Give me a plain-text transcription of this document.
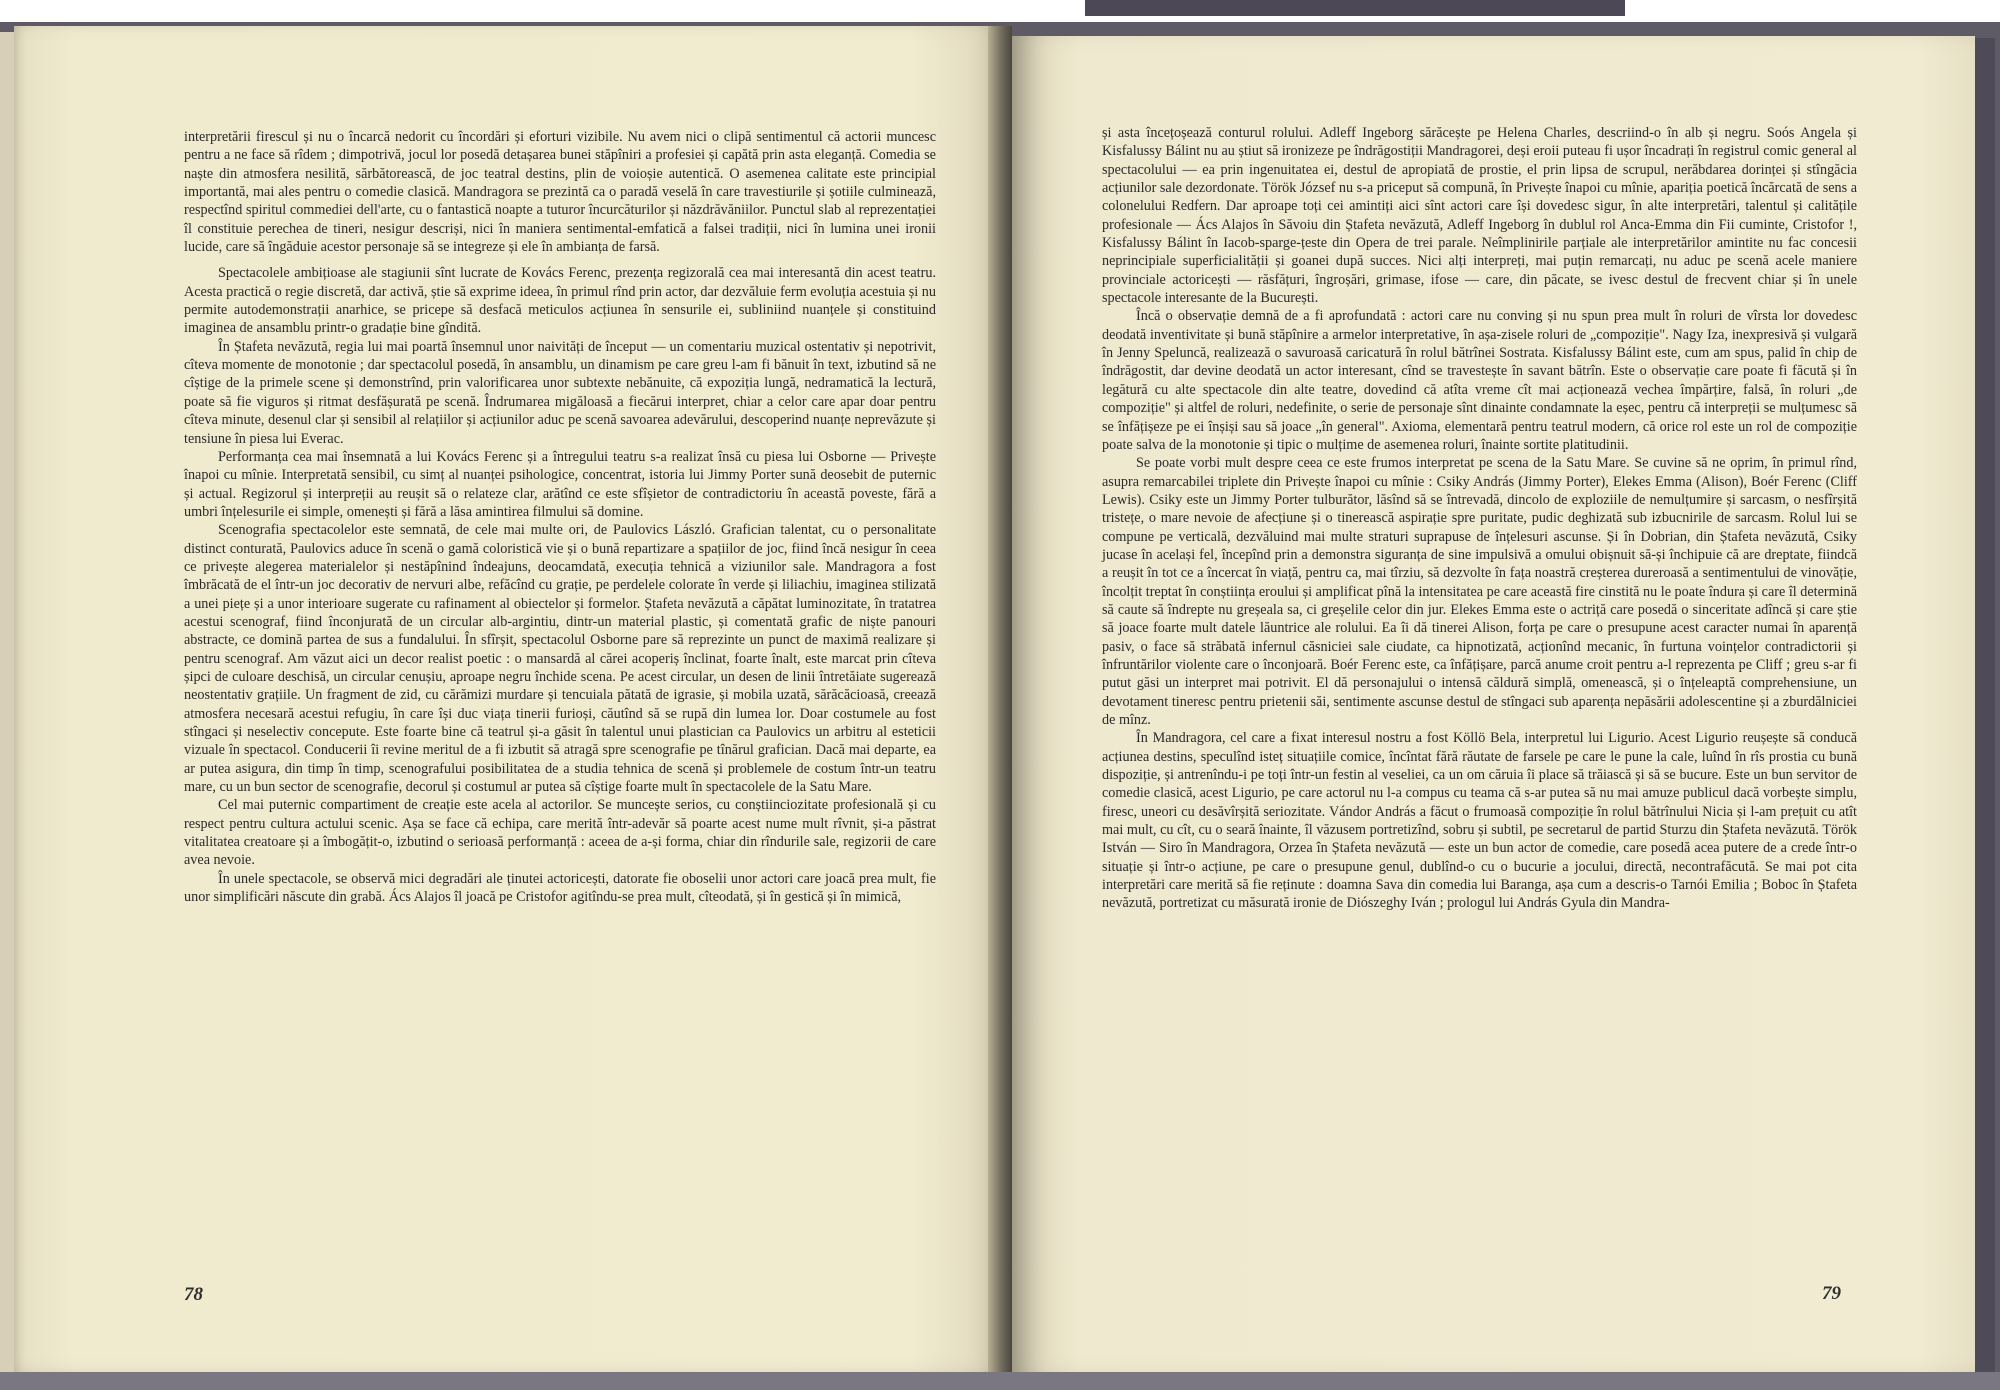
interpretării firescul și nu o încarcă nedorit cu încordări și eforturi vizibile. Nu avem nici o clipă sentimentul că actorii muncesc pentru a ne face să rîdem ; dimpotrivă, jocul lor posedă detașarea bunei stăpîniri a profesiei și capătă prin asta eleganță. Comedia se naște din atmosfera nesilită, sărbătorească, de joc teatral destins, plin de voioșie autentică. O asemenea calitate este principial importantă, mai ales pentru o comedie clasică. Mandragora se prezintă ca o paradă veselă în care travestiurile și șotiile culminează, respectînd spiritul commediei dell'arte, cu o fantastică noapte a tuturor încurcăturilor și năzdrăvăniilor. Punctul slab al reprezentației îl constituie perechea de tineri, nesigur descriși, nici în maniera sentimental-emfatică a falsei tradiții, nici în lumina unei ironii lucide, care să îngăduie acestor personaje să se integreze și ele în ambianța de farsă.

Spectacolele ambițioase ale stagiunii sînt lucrate de Kovács Ferenc, prezența regizorală cea mai interesantă din acest teatru. Acesta practică o regie discretă, dar activă, știe să exprime ideea, în primul rînd prin actor, dar dezvăluie ferm evoluția acestuia și nu permite autodemonstrații anarhice, se pricepe să desfacă meticulos acțiunea în sensurile ei, subliniind nuanțele și constituind imaginea de ansamblu printr-o gradație bine gîndită.

În Ștafeta nevăzută, regia lui mai poartă însemnul unor naivități de început — un comentariu muzical ostentativ și nepotrivit, cîteva momente de monotonie ; dar spectacolul posedă, în ansamblu, un dinamism pe care greu l-am fi bănuit în text, izbutind să ne cîștige de la primele scene și demonstrînd, prin valorificarea unor subtexte nebănuite, că expoziția lungă, nedramatică la lectură, poate să fie viguros și ritmat desfășurată pe scenă. Îndrumarea migăloasă a fiecărui interpret, chiar a celor care apar doar pentru cîteva minute, desenul clar și sensibil al relațiilor și acțiunilor aduc pe scenă savoarea adevărului, descoperind nuanțe neprevăzute și tensiune în piesa lui Everac.

Performanța cea mai însemnată a lui Kovács Ferenc și a întregului teatru s-a realizat însă cu piesa lui Osborne — Privește înapoi cu mînie. Interpretată sensibil, cu simț al nuanței psihologice, concentrat, istoria lui Jimmy Porter sună deosebit de puternic și actual. Regizorul și interpreții au reușit să o relateze clar, arătînd ce este sfîșietor de contradictoriu în această poveste, fără a umbri înțelesurile ei simple, omenești și fără a lăsa amintirea filmului să domine.

Scenografia spectacolelor este semnată, de cele mai multe ori, de Paulovics László. Grafician talentat, cu o personalitate distinct conturată, Paulovics aduce în scenă o gamă coloristică vie și o bună repartizare a spațiilor de joc, fiind încă nesigur în ceea ce privește alegerea materialelor și nestăpînind îndeajuns, deocamdată, execuția tehnică a viziunilor sale. Mandragora a fost îmbrăcată de el într-un joc decorativ de nervuri albe, refăcînd cu grație, pe perdelele colorate în verde și liliachiu, imaginea stilizată a unei piețe și a unor interioare sugerate cu rafinament al obiectelor și formelor. Ștafeta nevăzută a căpătat luminozitate, în tratatrea acestui scenograf, fiind înconjurată de un circular alb-argintiu, dintr-un material plastic, și comentată grafic de niște panouri abstracte, ce domină partea de sus a fundalului. În sfîrșit, spectacolul Osborne pare să reprezinte un punct de maximă realizare și pentru scenograf. Am văzut aici un decor realist poetic : o mansardă al cărei acoperiș înclinat, foarte înalt, este marcat prin cîteva șipci de culoare deschisă, un circular cenușiu, aproape negru închide scena. Pe acest circular, un desen de linii întretăiate sugerează neostentativ grațiile. Un fragment de zid, cu cărămizi murdare și tencuiala pătată de igrasie, și mobila uzată, sărăcăcioasă, creează atmosfera necesară acestui refugiu, în care își duc viața tinerii furioși, căutînd să se rupă din lumea lor. Doar costumele au fost stîngaci și neselectiv concepute. Este foarte bine că teatrul și-a găsit în talentul unui plastician ca Paulovics un arbitru al esteticii vizuale în spectacol. Conducerii îi revine meritul de a fi izbutit să atragă spre scenografie pe tînărul grafician. Dacă mai departe, ea ar putea asigura, din timp în timp, scenografului posibilitatea de a studia tehnica de scenă și problemele de costum într-un teatru mare, cu un bun sector de scenografie, decorul și costumul ar putea să cîștige foarte mult în spectacolele de la Satu Mare.

Cel mai puternic compartiment de creație este acela al actorilor. Se muncește serios, cu conștiinciozitate profesională și cu respect pentru cultura actului scenic. Așa se face că echipa, care merită într-adevăr să poarte acest nume mult rîvnit, și-a păstrat vitalitatea creatoare și a îmbogățit-o, izbutind o serioasă performanță : aceea de a-și forma, chiar din rîndurile sale, regizorii de care avea nevoie.

În unele spectacole, se observă mici degradări ale ținutei actoricești, datorate fie oboselii unor actori care joacă prea mult, fie unor simplificări născute din grabă. Ács Alajos îl joacă pe Cristofor agitîndu-se prea mult, cîteodată, și în gestică și în mimică,

78

și asta încețoșează conturul rolului. Adleff Ingeborg sărăcește pe Helena Charles, descriind-o în alb și negru. Soós Angela și Kisfalussy Bálint nu au știut să ironizeze pe îndrăgostiții Mandragorei, deși eroii puteau fi ușor încadrați în registrul comic general al spectacolului — ea prin ingenuitatea ei, destul de apropiată de prostie, el prin lipsa de scrupul, nerăbdarea dorinței și stîngăcia acțiunilor sale dezordonate. Török József nu s-a priceput să compună, în Privește înapoi cu mînie, apariția poetică încărcată de sens a colonelului Redfern. Dar aproape toți cei amintiți aici sînt actori care își dovedesc sigur, în alte interpretări, talentul și calitățile profesionale — Ács Alajos în Săvoiu din Ștafeta nevăzută, Adleff Ingeborg în dublul rol Anca-Emma din Fii cuminte, Cristofor !, Kisfalussy Bálint în Iacob-sparge-țeste din Opera de trei parale. Neîmplinirile parțiale ale interpretărilor amintite nu fac concesii neprincipiale superficialității și goanei după succes. Nici alți interpreți, mai puțin remarcați, nu aduc pe scenă acele maniere provinciale actoricești — răsfățuri, îngroșări, grimase, ifose — care, din păcate, se ivesc destul de frecvent chiar și în unele spectacole interesante de la București.

Încă o observație demnă de a fi aprofundată : actori care nu conving și nu spun prea mult în roluri de vîrsta lor dovedesc deodată inventivitate și bună stăpînire a armelor interpretative, în așa-zisele roluri de „compoziție". Nagy Iza, inexpresivă și vulgară în Jenny Speluncă, realizează o savuroasă caricatură în rolul bătrînei Sostrata. Kisfalussy Bálint este, cum am spus, palid în chip de îndrăgostit, dar devine deodată un actor interesant, cînd se travestește în savant bătrîn. Este o observație care poate fi făcută și în legătură cu alte spectacole din alte teatre, dovedind că atîta vreme cît mai acționează vechea împărțire, falsă, în roluri „de compoziție" și altfel de roluri, nedefinite, o serie de personaje sînt dinainte condamnate la eșec, pentru că interpreții se mulțumesc să se înfățișeze pe ei înșiși sau să joace „în general". Axioma, elementară pentru teatrul modern, că orice rol este un rol de compoziție poate salva de la monotonie și tipic o mulțime de asemenea roluri, înainte sortite platitudinii.

Se poate vorbi mult despre ceea ce este frumos interpretat pe scena de la Satu Mare. Se cuvine să ne oprim, în primul rînd, asupra remarcabilei triplete din Privește înapoi cu mînie : Csiky András (Jimmy Porter), Elekes Emma (Alison), Boér Ferenc (Cliff Lewis). Csiky este un Jimmy Porter tulburător, lăsînd să se întrevadă, dincolo de exploziile de nemulțumire și sarcasm, o nesfîrșită tristețe, o mare nevoie de afecțiune și o tinerească aspirație spre puritate, pudic deghizată sub izbucnirile de sarcasm. Rolul lui se compune pe verticală, dezvăluind mai multe straturi suprapuse de înțelesuri ascunse. Și în Dobrian, din Ștafeta nevăzută, Csiky jucase în același fel, începînd prin a demonstra siguranța de sine impulsivă a omului obișnuit să-și închipuie că are dreptate, fiindcă a reușit în tot ce a încercat în viață, pentru ca, mai tîrziu, să dezvolte în fața noastră creșterea dureroasă a sentimentului de vinovăție, încolțit treptat în conștiința eroului și amplificat pînă la intensitatea pe care această fire cinstită nu le poate îndura și care îl determină să caute să îndrepte nu greșeala sa, ci greșelile celor din jur. Elekes Emma este o actriță care posedă o sinceritate adîncă și care știe să joace foarte mult datele lăuntrice ale rolului. Ea îi dă tinerei Alison, forța pe care o presupune acest caracter numai în aparență pasiv, o face să străbată infernul căsniciei sale ciudate, ca hipnotizată, acționînd mecanic, în furtuna voințelor contradictorii și înfruntărilor violente care o înconjoară. Boér Ferenc este, ca înfățișare, parcă anume croit pentru a-l reprezenta pe Cliff ; greu s-ar fi putut găsi un interpret mai potrivit. El dă personajului o intensă căldură simplă, omenească, și o înțeleaptă comprehensiune, un devotament tineresc pentru prietenii săi, sentimente ascunse destul de stîngaci sub aparența nepăsării adolescentine și a zburdălniciei de mînz.

În Mandragora, cel care a fixat interesul nostru a fost Köllö Bela, interpretul lui Ligurio. Acest Ligurio reușește să conducă acțiunea destins, speculînd isteț situațiile comice, încîntat fără răutate de farsele pe care le pune la cale, luînd în rîs prostia cu bună dispoziție, și antrenîndu-i pe toți într-un festin al veseliei, ca un om căruia îi place să trăiască și să se bucure. Este un bun servitor de comedie clasică, acest Ligurio, pe care actorul nu l-a compus cu teama că s-ar putea să nu mai amuze publicul dacă vorbește simplu, firesc, uneori cu desăvîrșită seriozitate. Vándor András a făcut o frumoasă compoziție în rolul bătrînului Nicia și l-am prețuit cu atît mai mult, cu cît, cu o seară înainte, îl văzusem portretizînd, sobru și subtil, pe secretarul de partid Sturzu din Ștafeta nevăzută. Török István — Siro în Mandragora, Orzea în Ștafeta nevăzută — este un bun actor de comedie, care posedă acea putere de a crede într-o situație și într-o acțiune, pe care o presupune genul, dublînd-o cu o bucurie a jocului, directă, necontrafăcută. Se mai pot cita interpretări care merită să fie reținute : doamna Sava din comedia lui Baranga, așa cum a descris-o Tarnói Emilia ; Boboc în Ștafeta nevăzută, portretizat cu măsurată ironie de Diószeghy Iván ; prologul lui András Gyula din Mandra-

79
